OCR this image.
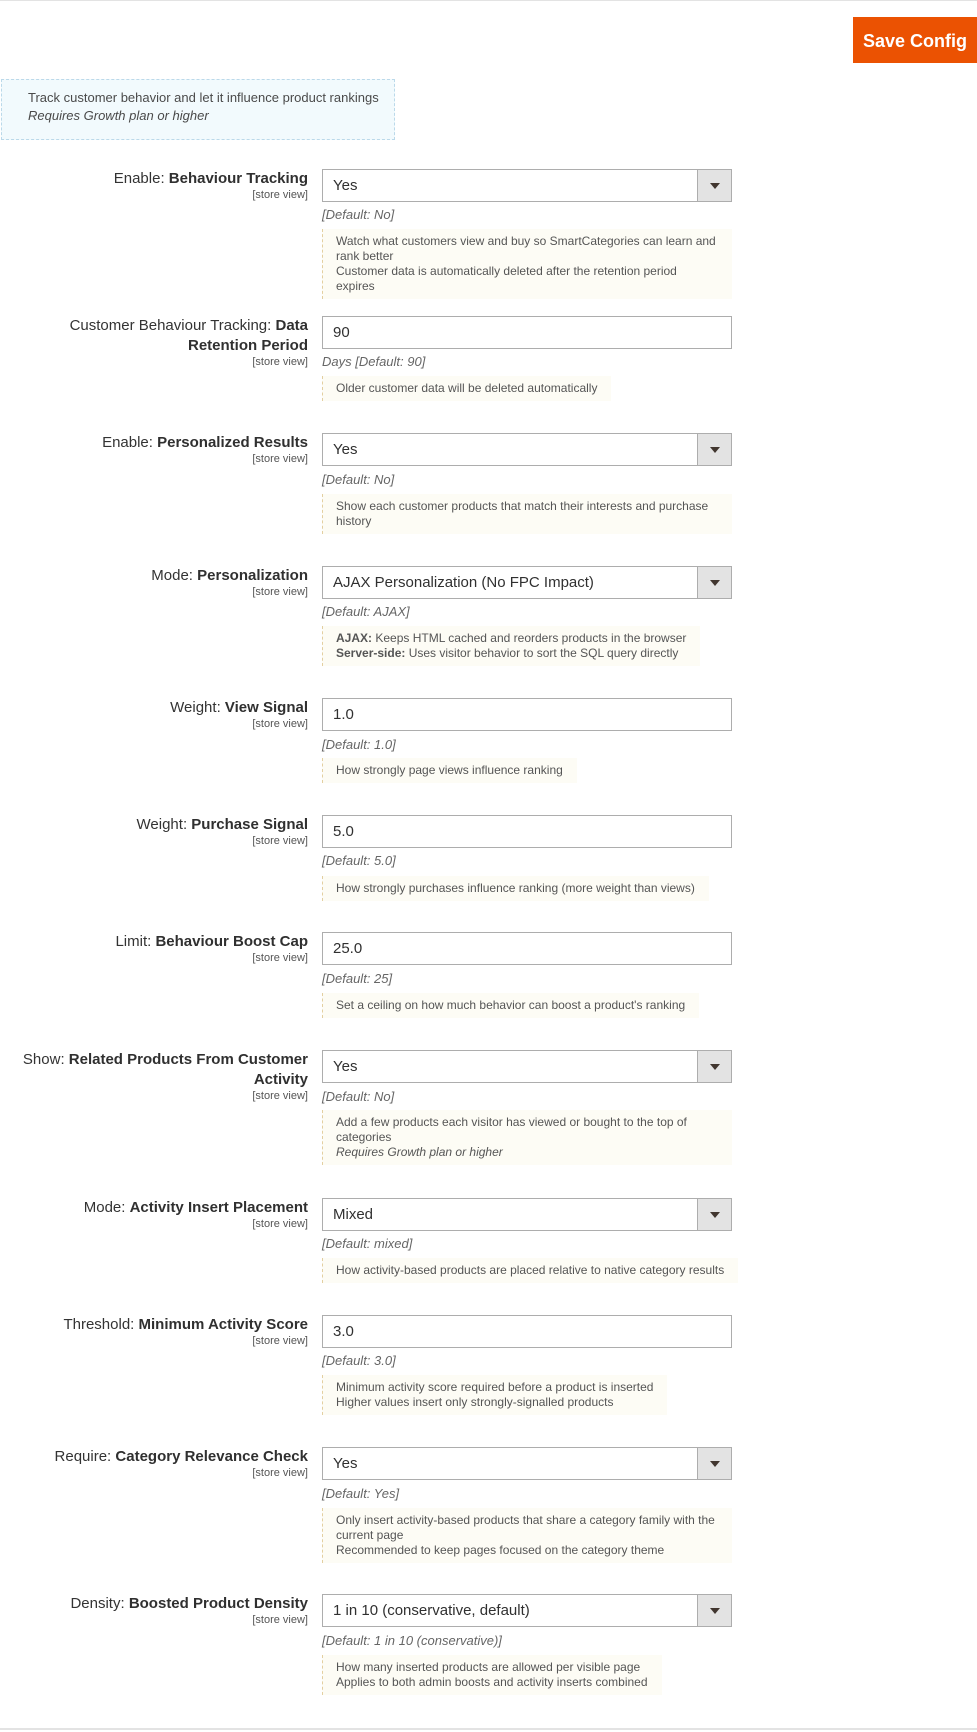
Save Config
Track customer behavior and let it influence product rankings
Requires Growth plan or higher
Enable: Behaviour Tracking
[store view]
Yes
[Default: No]
Watch what customers view and buy so SmartCategories can learn and rank better
Customer data is automatically deleted after the retention period expires
Customer Behaviour Tracking: Data Retention Period
[store view]
90
Days [Default: 90]
Older customer data will be deleted automatically
Enable: Personalized Results
[store view]
Yes
[Default: No]
Show each customer products that match their interests and purchase history
Mode: Personalization
[store view]
AJAX Personalization (No FPC Impact)
[Default: AJAX]
AJAX: Keeps HTML cached and reorders products in the browser
Server-side: Uses visitor behavior to sort the SQL query directly
Weight: View Signal
[store view]
1.0
[Default: 1.0]
How strongly page views influence ranking
Weight: Purchase Signal
[store view]
5.0
[Default: 5.0]
How strongly purchases influence ranking (more weight than views)
Limit: Behaviour Boost Cap
[store view]
25.0
[Default: 25]
Set a ceiling on how much behavior can boost a product's ranking
Show: Related Products From Customer Activity
[store view]
Yes
[Default: No]
Add a few products each visitor has viewed or bought to the top of categories
Requires Growth plan or higher
Mode: Activity Insert Placement
[store view]
Mixed
[Default: mixed]
How activity-based products are placed relative to native category results
Threshold: Minimum Activity Score
[store view]
3.0
[Default: 3.0]
Minimum activity score required before a product is inserted
Higher values insert only strongly-signalled products
Require: Category Relevance Check
[store view]
Yes
[Default: Yes]
Only insert activity-based products that share a category family with the current page
Recommended to keep pages focused on the category theme
Density: Boosted Product Density
[store view]
1 in 10 (conservative, default)
[Default: 1 in 10 (conservative)]
How many inserted products are allowed per visible page
Applies to both admin boosts and activity inserts combined
